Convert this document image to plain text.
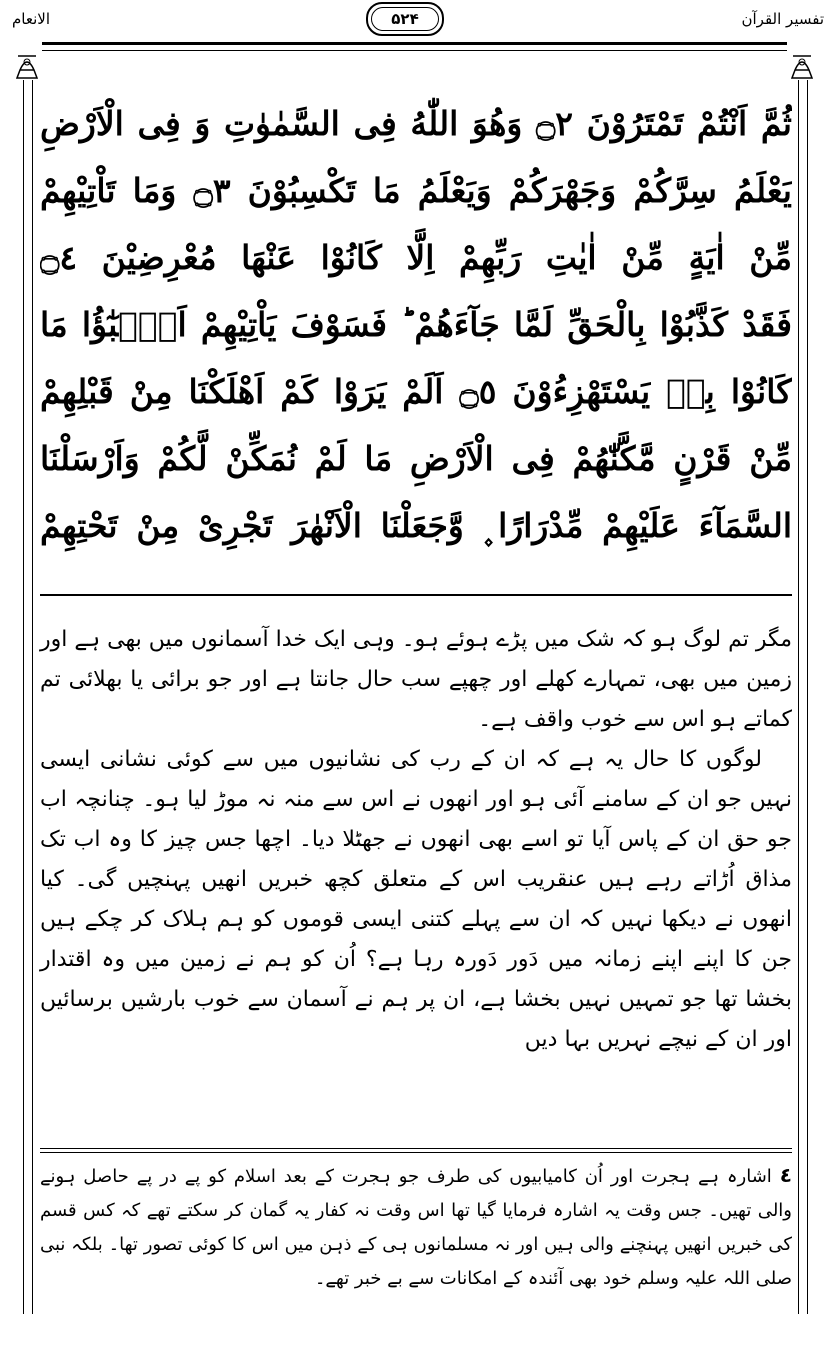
تفسیر القرآن
۵۲۴
الانعام
ثُمَّ اَنْتُمْ تَمْتَرُوْنَ ۝٢ وَهُوَ اللّٰهُ فِی السَّمٰوٰتِ وَ فِی الْاَرْضِ
یَعْلَمُ سِرَّكُمْ وَجَهْرَكُمْ وَیَعْلَمُ مَا تَكْسِبُوْنَ ۝٣ وَمَا تَاْتِیْهِمْ
مِّنْ اٰیَةٍ مِّنْ اٰیٰتِ رَبِّهِمْ اِلَّا كَانُوْا عَنْهَا مُعْرِضِیْنَ ۝٤
فَقَدْ كَذَّبُوْا بِالْحَقِّ لَمَّا جَآءَهُمْ ؕ فَسَوْفَ یَاْتِیْهِمْ اَنْۢبٰٓؤُا مَا
كَانُوْا بِهٖ یَسْتَهْزِءُوْنَ ۝٥ اَلَمْ یَرَوْا كَمْ اَهْلَكْنَا مِنْ قَبْلِهِمْ
مِّنْ قَرْنٍ مَّكَّنّٰهُمْ فِی الْاَرْضِ مَا لَمْ نُمَكِّنْ لَّكُمْ وَاَرْسَلْنَا
السَّمَآءَ عَلَیْهِمْ مِّدْرَارًا ۪ وَّجَعَلْنَا الْاَنْهٰرَ تَجْرِیْ مِنْ تَحْتِهِمْ

مگر تم لوگ ہو کہ شک میں پڑے ہوئے ہو۔ وہی ایک خدا آسمانوں میں بھی ہے اور زمین میں بھی، تمہارے کھلے اور چھپے سب حال جانتا ہے اور جو برائی یا بھلائی تم کماتے ہو اس سے خوب واقف ہے۔

لوگوں کا حال یہ ہے کہ ان کے رب کی نشانیوں میں سے کوئی نشانی ایسی نہیں جو ان کے سامنے آئی ہو اور انھوں نے اس سے منہ نہ موڑ لیا ہو۔ چنانچہ اب جو حق ان کے پاس آیا تو اسے بھی انھوں نے جھٹلا دیا۔ اچھا جس چیز کا وہ اب تک مذاق اُڑاتے رہے ہیں عنقریب اس کے متعلق کچھ خبریں انھیں پہنچیں گی۔ کیا انھوں نے دیکھا نہیں کہ ان سے پہلے کتنی ایسی قوموں کو ہم ہلاک کر چکے ہیں جن کا اپنے اپنے زمانہ میں دَور دَورہ رہا ہے؟ اُن کو ہم نے زمین میں وہ اقتدار بخشا تھا جو تمہیں نہیں بخشا ہے، ان پر ہم نے آسمان سے خوب بارشیں برسائیں اور ان کے نیچے نہریں بہا دیں

٤اشارہ ہے ہجرت اور اُن کامیابیوں کی طرف جو ہجرت کے بعد اسلام کو پے در پے حاصل ہونے والی تھیں۔ جس وقت یہ اشارہ فرمایا گیا تھا اس وقت نہ کفار یہ گمان کر سکتے تھے کہ کس قسم کی خبریں انھیں پہنچنے والی ہیں اور نہ مسلمانوں ہی کے ذہن میں اس کا کوئی تصور تھا۔ بلکہ نبی صلی اللہ علیہ وسلم خود بھی آئندہ کے امکانات سے بے خبر تھے۔
